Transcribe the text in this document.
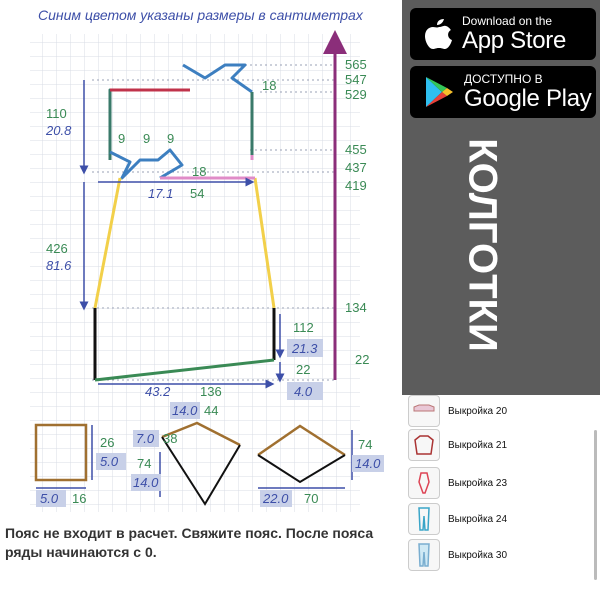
Синим цветом указаны размеры в сантиметрах
565
547
529
455
437
419
134
22
18
18
9 9 9
54
17.1
110
20.8
426
81.6
112
21.3
22
4.0
43.2 136
26
5.0
5.0 16
14.0 44
7.0 38
74
14.0
74
14.0
22.0 70
Download on the
App Store
ДОСТУПНО В
Google Play
КОЛГОТКИ
Выкройка 20
Выкройка 21
Выкройка 23
Выкройка 24
Выкройка 30
Пояс не входит в расчет. Свяжите пояс. После пояса ряды начинаются с 0.
